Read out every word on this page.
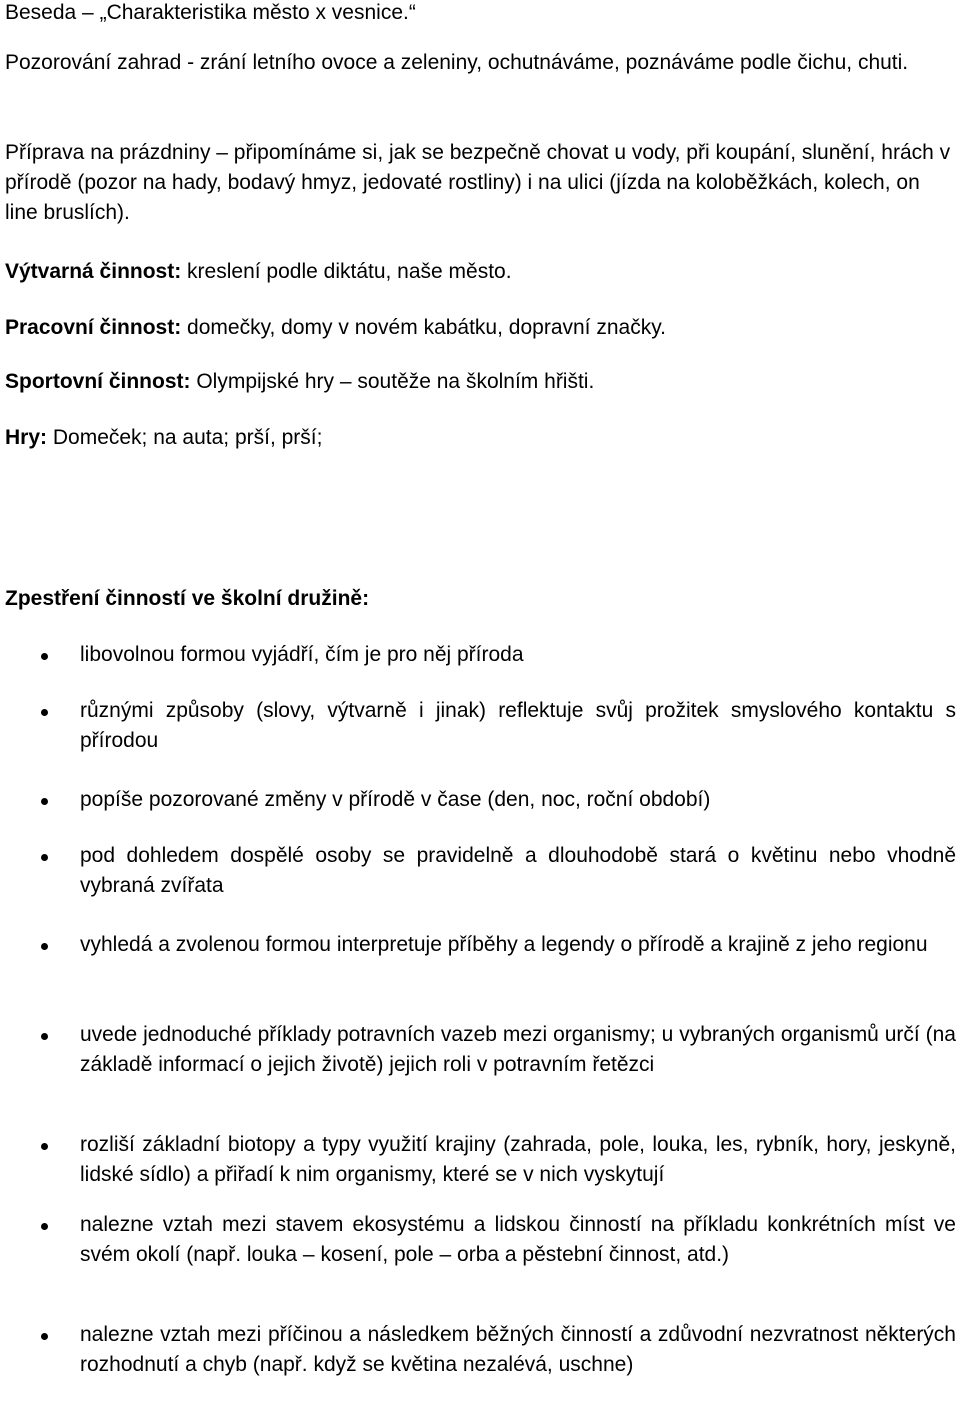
Beseda – „Charakteristika město x vesnice.“

Pozorování zahrad - zrání letního ovoce a zeleniny, ochutnáváme, poznáváme podle čichu, chuti.

Příprava na prázdniny – připomínáme si, jak se bezpečně chovat u vody, při koupání, slunění, hrách v přírodě (pozor na hady, bodavý hmyz, jedovaté rostliny) i na ulici (jízda na koloběžkách, kolech, on line bruslích).

Výtvarná činnost: kreslení podle diktátu, naše město.

Pracovní činnost: domečky, domy v novém kabátku, dopravní značky.

Sportovní činnost: Olympijské hry – soutěže na školním hřišti.

Hry: Domeček; na auta; prší, prší;

Zpestření činností ve školní družině:

libovolnou formou vyjádří, čím je pro něj příroda
různými způsoby (slovy, výtvarně i jinak) reflektuje svůj prožitek smyslového kontaktu s přírodou
popíše pozorované změny v přírodě v čase (den, noc, roční období)
pod dohledem dospělé osoby se pravidelně a dlouhodobě stará o květinu nebo vhodně vybraná zvířata
vyhledá a zvolenou formou interpretuje příběhy a legendy o přírodě a krajině z jeho regionu
uvede jednoduché příklady potravních vazeb mezi organismy; u vybraných organismů určí (na základě informací o jejich životě) jejich roli v potravním řetězci
rozliší základní biotopy a typy využití krajiny (zahrada, pole, louka, les, rybník, hory, jeskyně, lidské sídlo) a přiřadí k nim organismy, které se v nich vyskytují
nalezne vztah mezi stavem ekosystému a lidskou činností na příkladu konkrétních míst ve svém okolí (např. louka – kosení, pole – orba a pěstební činnost, atd.)
nalezne vztah mezi příčinou a následkem běžných činností a zdůvodní nezvratnost některých rozhodnutí a chyb (např. když se květina nezalévá, uschne)
